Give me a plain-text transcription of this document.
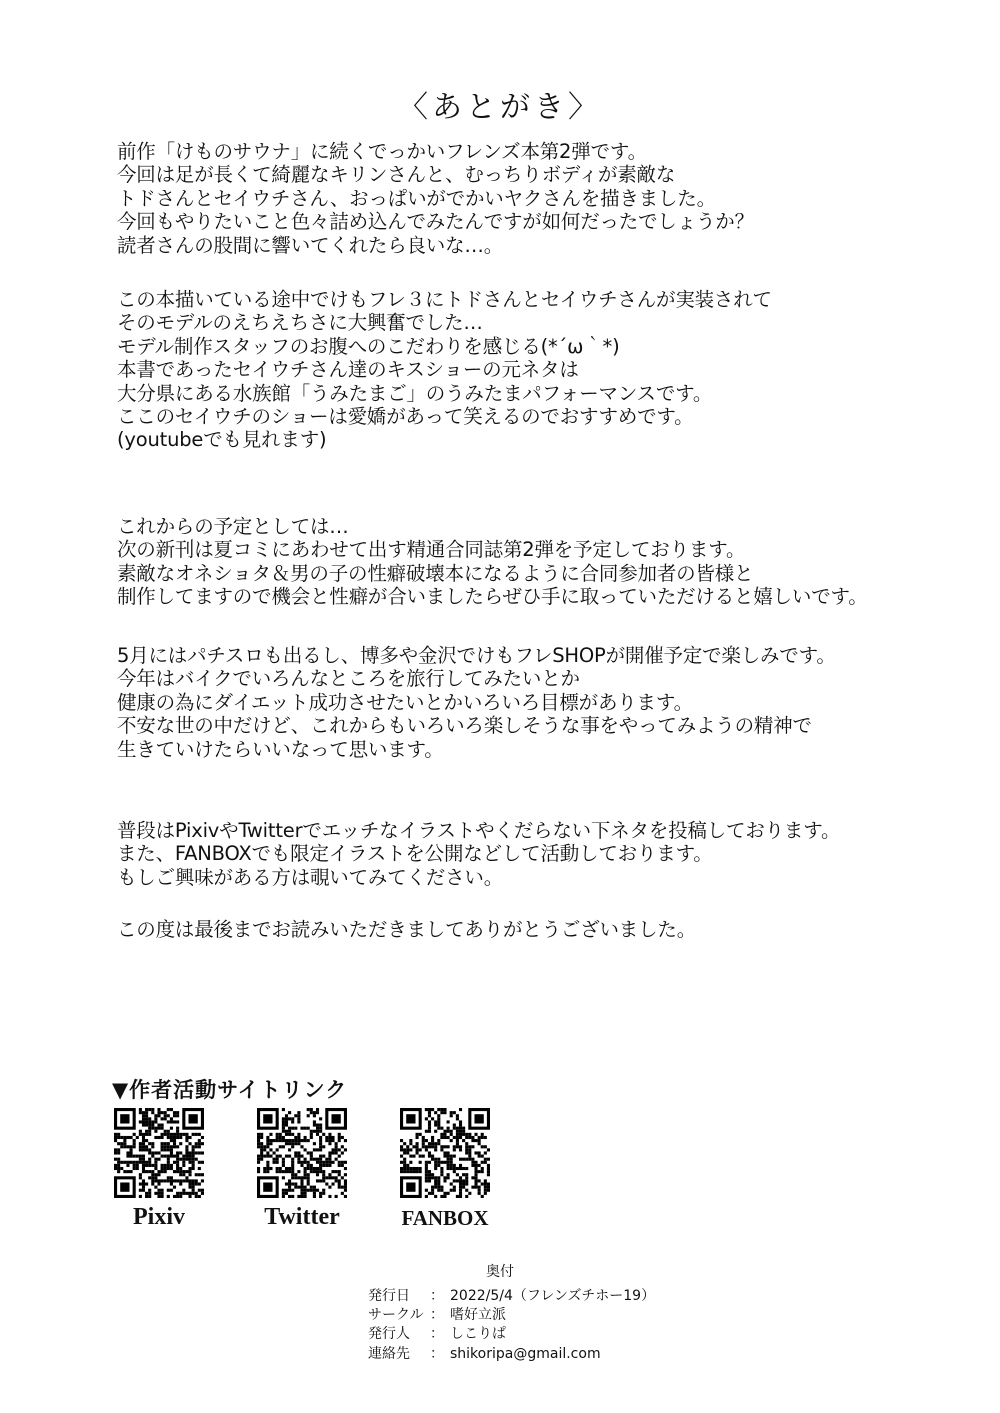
〈あとがき〉
前作「けものサウナ」に続くでっかいフレンズ本第2弾です。
今回は足が長くて綺麗なキリンさんと、むっちりボディが素敵な
トドさんとセイウチさん、おっぱいがでかいヤクさんを描きました。
今回もやりたいこと色々詰め込んでみたんですが如何だったでしょうか？
読者さんの股間に響いてくれたら良いな…。
この本描いている途中でけもフレ３にトドさんとセイウチさんが実装されて
そのモデルのえちえちさに大興奮でした…
モデル制作スタッフのお腹へのこだわりを感じる(*´ω｀*)
本書であったセイウチさん達のキスショーの元ネタは
大分県にある水族館「うみたまご」のうみたまパフォーマンスです。
ここのセイウチのショーは愛嬌があって笑えるのでおすすめです。
(youtubeでも見れます)
これからの予定としては…
次の新刊は夏コミにあわせて出す精通合同誌第2弾を予定しております。
素敵なオネショタ＆男の子の性癖破壊本になるように合同参加者の皆様と
制作してますので機会と性癖が合いましたらぜひ手に取っていただけると嬉しいです。
5月にはパチスロも出るし、博多や金沢でけもフレSHOPが開催予定で楽しみです。
今年はバイクでいろんなところを旅行してみたいとか
健康の為にダイエット成功させたいとかいろいろ目標があります。
不安な世の中だけど、これからもいろいろ楽しそうな事をやってみようの精神で
生きていけたらいいなって思います。
普段はPixivやTwitterでエッチなイラストやくだらない下ネタを投稿しております。
また、FANBOXでも限定イラストを公開などして活動しております。
もしご興味がある方は覗いてみてください。
この度は最後までお読みいただきましてありがとうございました。
▼作者活動サイトリンク
Pixiv	Twitter	FANBOX
奥付
発行日	： 2022/5/4（フレンズチホー19）
サークル ： 嗜好立派
発行人	： しこりぱ
連絡先	： shikoripa@gmail.com
